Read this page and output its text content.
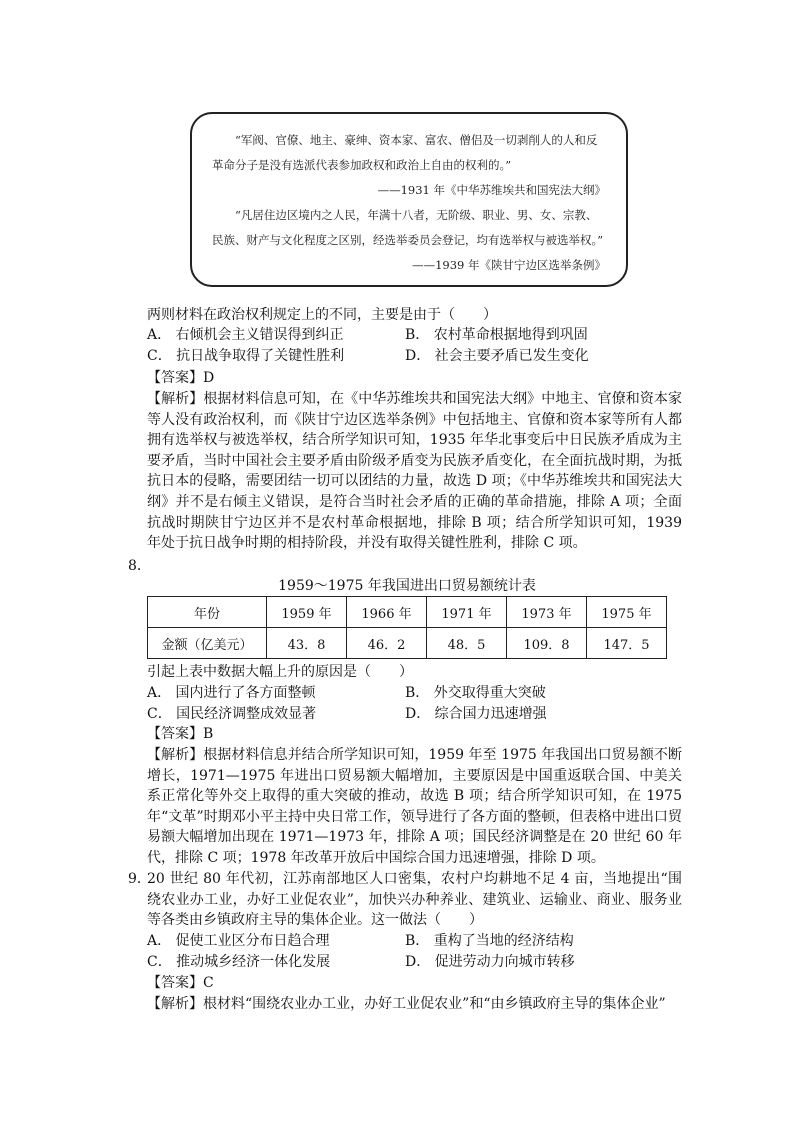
“军阀、官僚、地主、豪绅、资本家、富农、僧侣及一切剥削人的人和反革命分子是没有选派代表参加政权和政治上自由的权利的。”

——1931 年《中华苏维埃共和国宪法大纲》

“凡居住边区境内之人民，年满十八者，无阶级、职业、男、女、宗教、民族、财产与文化程度之区别，经选举委员会登记，均有选举权与被选举权。”

——1939 年《陕甘宁边区选举条例》

两则材料在政治权利规定上的不同，主要是由于（　　）
A． 右倾机会主义错误得到纠正	B． 农村革命根据地得到巩固
C． 抗日战争取得了关键性胜利	D． 社会主要矛盾已发生变化
【答案】D

【解析】根据材料信息可知，在《中华苏维埃共和国宪法大纲》中地主、官僚和资本家等人没有政治权利，而《陕甘宁边区选举条例》中包括地主、官僚和资本家等所有人都拥有选举权与被选举权，结合所学知识可知，1935 年华北事变后中日民族矛盾成为主要矛盾，当时中国社会主要矛盾由阶级矛盾变为民族矛盾变化，在全面抗战时期，为抵抗日本的侵略，需要团结一切可以团结的力量，故选 D 项；《中华苏维埃共和国宪法大纲》并不是右倾主义错误，是符合当时社会矛盾的正确的革命措施，排除 A 项；全面抗战时期陕甘宁边区并不是农村革命根据地，排除 B 项；结合所学知识可知，1939 年处于抗日战争时期的相持阶段，并没有取得关键性胜利，排除 C 项。

8．
1959～1975 年我国进出口贸易额统计表
年份	1959 年	1966 年	1971 年	1973 年	1975 年
金额（亿美元）	43．8	46．2	48．5	109．8	147．5
引起上表中数据大幅上升的原因是（　　）
A． 国内进行了各方面整顿	B． 外交取得重大突破
C． 国民经济调整成效显著	D． 综合国力迅速增强
【答案】B

【解析】根据材料信息并结合所学知识可知，1959 年至 1975 年我国出口贸易额不断增长，1971—1975 年进出口贸易额大幅增加，主要原因是中国重返联合国、中美关系正常化等外交上取得的重大突破的推动，故选 B 项；结合所学知识可知，在 1975 年“文革”时期邓小平主持中央日常工作，领导进行了各方面的整顿，但表格中进出口贸易额大幅增加出现在 1971—1973 年，排除 A 项；国民经济调整是在 20 世纪 60 年代，排除 C 项；1978 年改革开放后中国综合国力迅速增强，排除 D 项。

9．

20 世纪 80 年代初，江苏南部地区人口密集，农村户均耕地不足 4 亩，当地提出“围绕农业办工业，办好工业促农业”，加快兴办种养业、建筑业、运输业、商业、服务业等各类由乡镇政府主导的集体企业。这一做法（　　）

A． 促使工业区分布日趋合理	B． 重构了当地的经济结构
C． 推动城乡经济一体化发展	D． 促进劳动力向城市转移
【答案】C

【解析】根材料“围绕农业办工业，办好工业促农业”和“由乡镇政府主导的集体企业”
